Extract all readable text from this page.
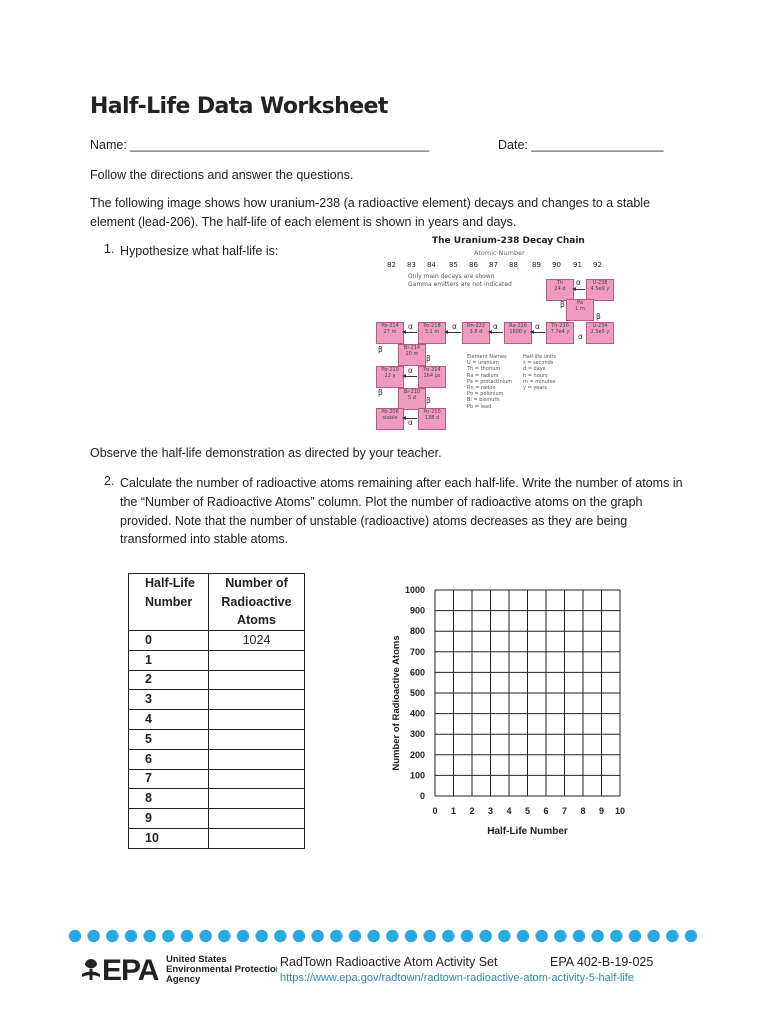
Half-Life Data Worksheet
Name: ___________________________________________	Date: ___________________
Follow the directions and answer the questions.
The following image shows how uranium-238 (a radioactive element) decays and changes to a stable element (lead-206). The half-life of each element is shown in years and days.
1. Hypothesize what half-life is:
The Uranium-238 Decay Chain
Atomic Number
82 83 84 85 86 87 88 89 90 91 92
Only main decays are shown
Gamma emitters are not indicated	Th
24 d
U-238
4.5e9 y
Pa
1 m
Th-230
7.7e4 y
U-234
2.5e5 y
Ra-226
1600 y
Rn-222
3.8 d
Po-218
3.1 m
Pb-214
27 m
Bi-214
20 m
Pb-210
22 y
Po-214
164 µs
Bi-210
5 d
Pb-206
stable
Po-210
138 d
α	α	α	α
α
α
α
α
β
β
β
β
β
β
Element Names
U = uranium
Th = thorium
Ra = radium
Pa = protactinium
Rn = radon
Po = polonium
Bi = bismuth
Pb = lead
Half-life units
s = seconds
d = days
h = hours
m = minutes
y = years
Observe the half-life demonstration as directed by your teacher.
2. Calculate the number of radioactive atoms remaining after each half-life. Write the number of atoms in the “Number of Radioactive Atoms” column. Plot the number of radioactive atoms on the graph provided. Note that the number of unstable (radioactive) atoms decreases as they are being transformed into stable atoms.
Half-Life Number	Number of Radioactive Atoms
0	1024
1	
2	
3	
4	
5	
6	
7	
8	
9	
10	
0
100
200
300
400
500
600
700
800
900
1000
0 1 2 3 4 5 6 7 8 9 10
Half-Life Number
Number of Radioactive Atoms
EPA United States
Environmental Protection
Agency
RadTown Radioactive Atom Activity Set	EPA 402-B-19-025
https://www.epa.gov/radtown/radtown-radioactive-atom-activity-5-half-life
